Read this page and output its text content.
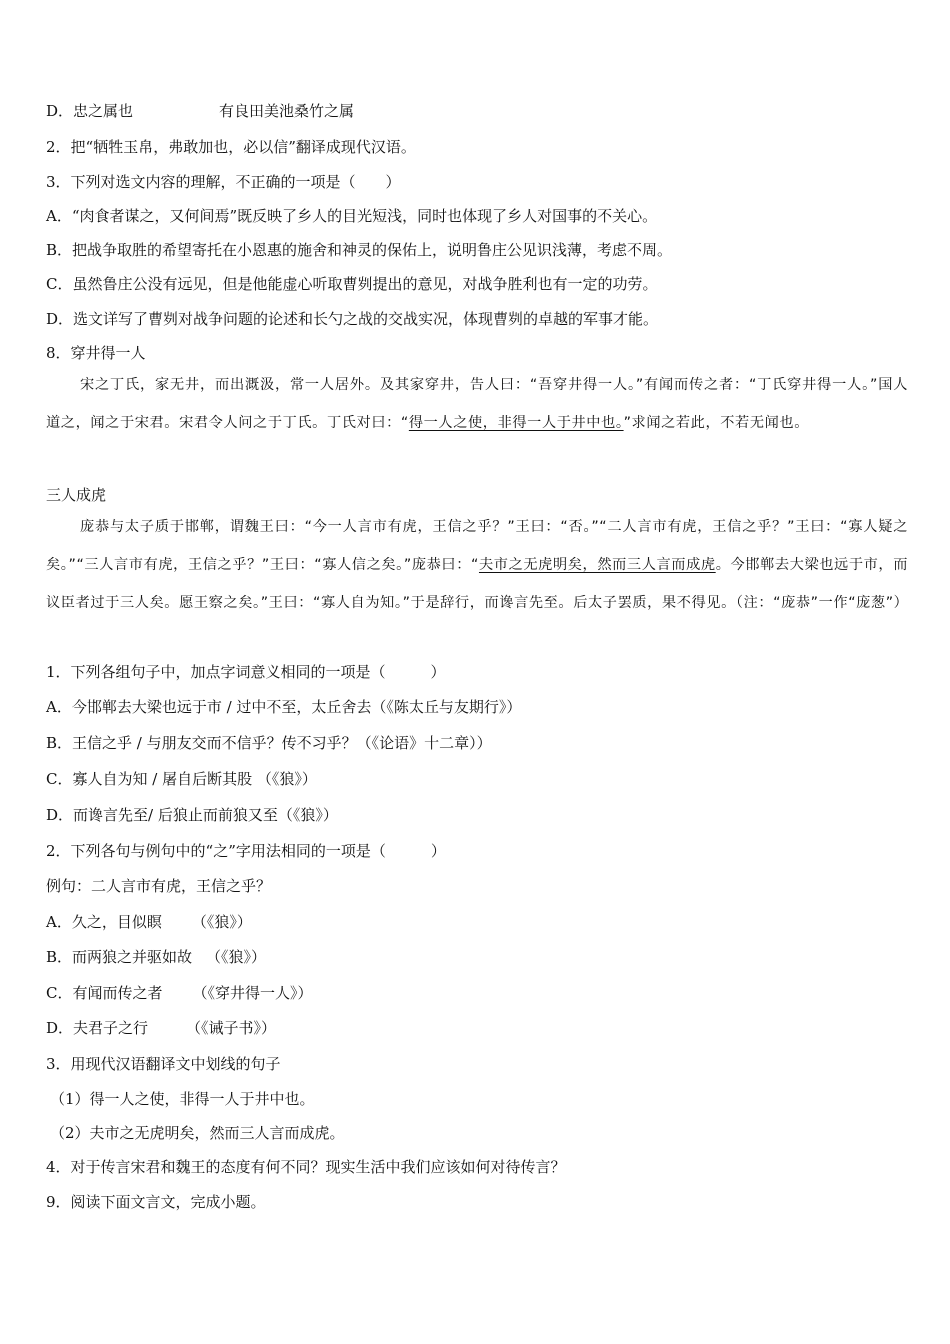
D．忠之属也	有良田美池桑竹之属
2．把“牺牲玉帛，弗敢加也，必以信”翻译成现代汉语。
3．下列对选文内容的理解，不正确的一项是（　　）
A．“肉食者谋之，又何间焉”既反映了乡人的目光短浅，同时也体现了乡人对国事的不关心。
B．把战争取胜的希望寄托在小恩惠的施舍和神灵的保佑上，说明鲁庄公见识浅薄，考虑不周。
C．虽然鲁庄公没有远见，但是他能虚心听取曹刿提出的意见，对战争胜利也有一定的功劳。
D．选文详写了曹刿对战争问题的论述和长勺之战的交战实况，体现曹刿的卓越的军事才能。
8．穿井得一人
宋之丁氏，家无井，而出溉汲，常一人居外。及其家穿井，告人曰：“吾穿井得一人。”有闻而传之者：“丁氏穿井得一人。”国人道之，闻之于宋君。宋君令人问之于丁氏。丁氏对曰：“得一人之使，非得一人于井中也。”求闻之若此，不若无闻也。
三人成虎
庞恭与太子质于邯郸，谓魏王曰：“今一人言市有虎，王信之乎？”王曰：“否。”“二人言市有虎，王信之乎？”王曰：“寡人疑之矣。”“三人言市有虎，王信之乎？”王曰：“寡人信之矣。”庞恭曰：“夫市之无虎明矣，然而三人言而成虎。今邯郸去大梁也远于市，而议臣者过于三人矣。愿王察之矣。”王曰：“寡人自为知。”于是辞行，而谗言先至。后太子罢质，果不得见。（注：“庞恭”一作“庞葱”）
1．下列各组句子中，加点字词意义相同的一项是（　　　）
A．今邯郸去大梁也远于市 / 过中不至，太丘舍去（《陈太丘与友期行》）
B．王信之乎 / 与朋友交而不信乎？传不习乎？（《论语》十二章））
C．寡人自为知 / 屠自后断其股 （《狼》）
D．而谗言先至/ 后狼止而前狼又至（《狼》）
2．下列各句与例句中的“之”字用法相同的一项是（　　　）
例句：二人言市有虎，王信之乎？
A．久之，目似瞑 （《狼》）
B．而两狼之并驱如故 （《狼》）
C．有闻而传之者 （《穿井得一人》）
D．夫君子之行	（《诫子书》）
3．用现代汉语翻译文中划线的句子
（1）得一人之使，非得一人于井中也。
（2）夫市之无虎明矣，然而三人言而成虎。
4．对于传言宋君和魏王的态度有何不同？现实生活中我们应该如何对待传言？
9．阅读下面文言文，完成小题。
